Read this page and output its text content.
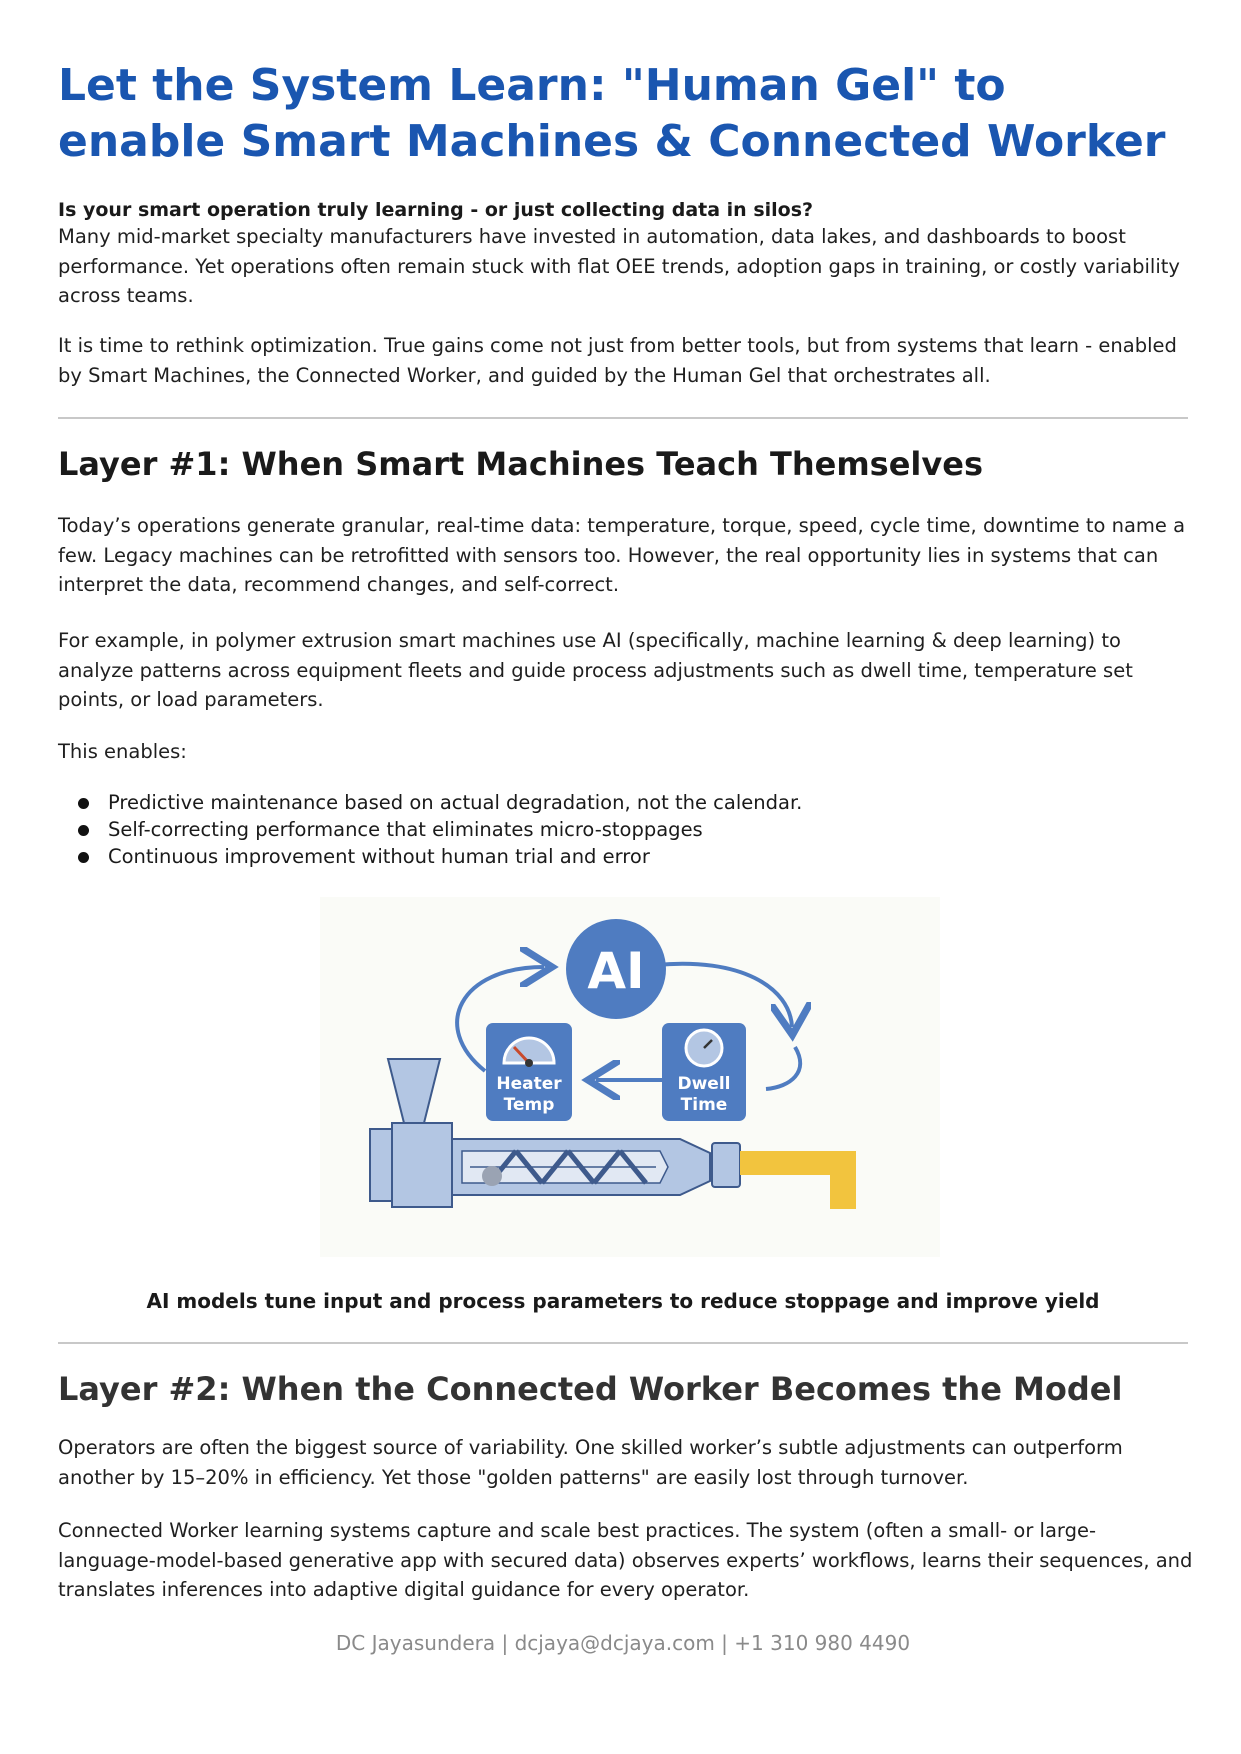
Let the System Learn: "Human Gel" to enable Smart Machines & Connected Worker

Is your smart operation truly learning - or just collecting data in silos?

Many mid-market specialty manufacturers have invested in automation, data lakes, and dashboards to boost performance. Yet operations often remain stuck with flat OEE trends, adoption gaps in training, or costly variability across teams.

It is time to rethink optimization. True gains come not just from better tools, but from systems that learn - enabled by Smart Machines, the Connected Worker, and guided by the Human Gel that orchestrates all.

Layer #1: When Smart Machines Teach Themselves

Today’s operations generate granular, real-time data: temperature, torque, speed, cycle time, downtime to name a few. Legacy machines can be retrofitted with sensors too. However, the real opportunity lies in systems that can interpret the data, recommend changes, and self-correct.

For example, in polymer extrusion smart machines use AI (specifically, machine learning & deep learning) to analyze patterns across equipment fleets and guide process adjustments such as dwell time, temperature set points, or load parameters.

This enables:

Predictive maintenance based on actual degradation, not the calendar.
Self-correcting performance that eliminates micro-stoppages
Continuous improvement without human trial and error
AI
Heater
Temp
Dwell
Time

AI models tune input and process parameters to reduce stoppage and improve yield

Layer #2: When the Connected Worker Becomes the Model

Operators are often the biggest source of variability. One skilled worker’s subtle adjustments can outperform another by 15–20% in efficiency. Yet those "golden patterns" are easily lost through turnover.

Connected Worker learning systems capture and scale best practices. The system (often a small- or large-language-model-based generative app with secured data) observes experts’ workflows, learns their sequences, and translates inferences into adaptive digital guidance for every operator.

DC Jayasundera | dcjaya@dcjaya.com | +1 310 980 4490
